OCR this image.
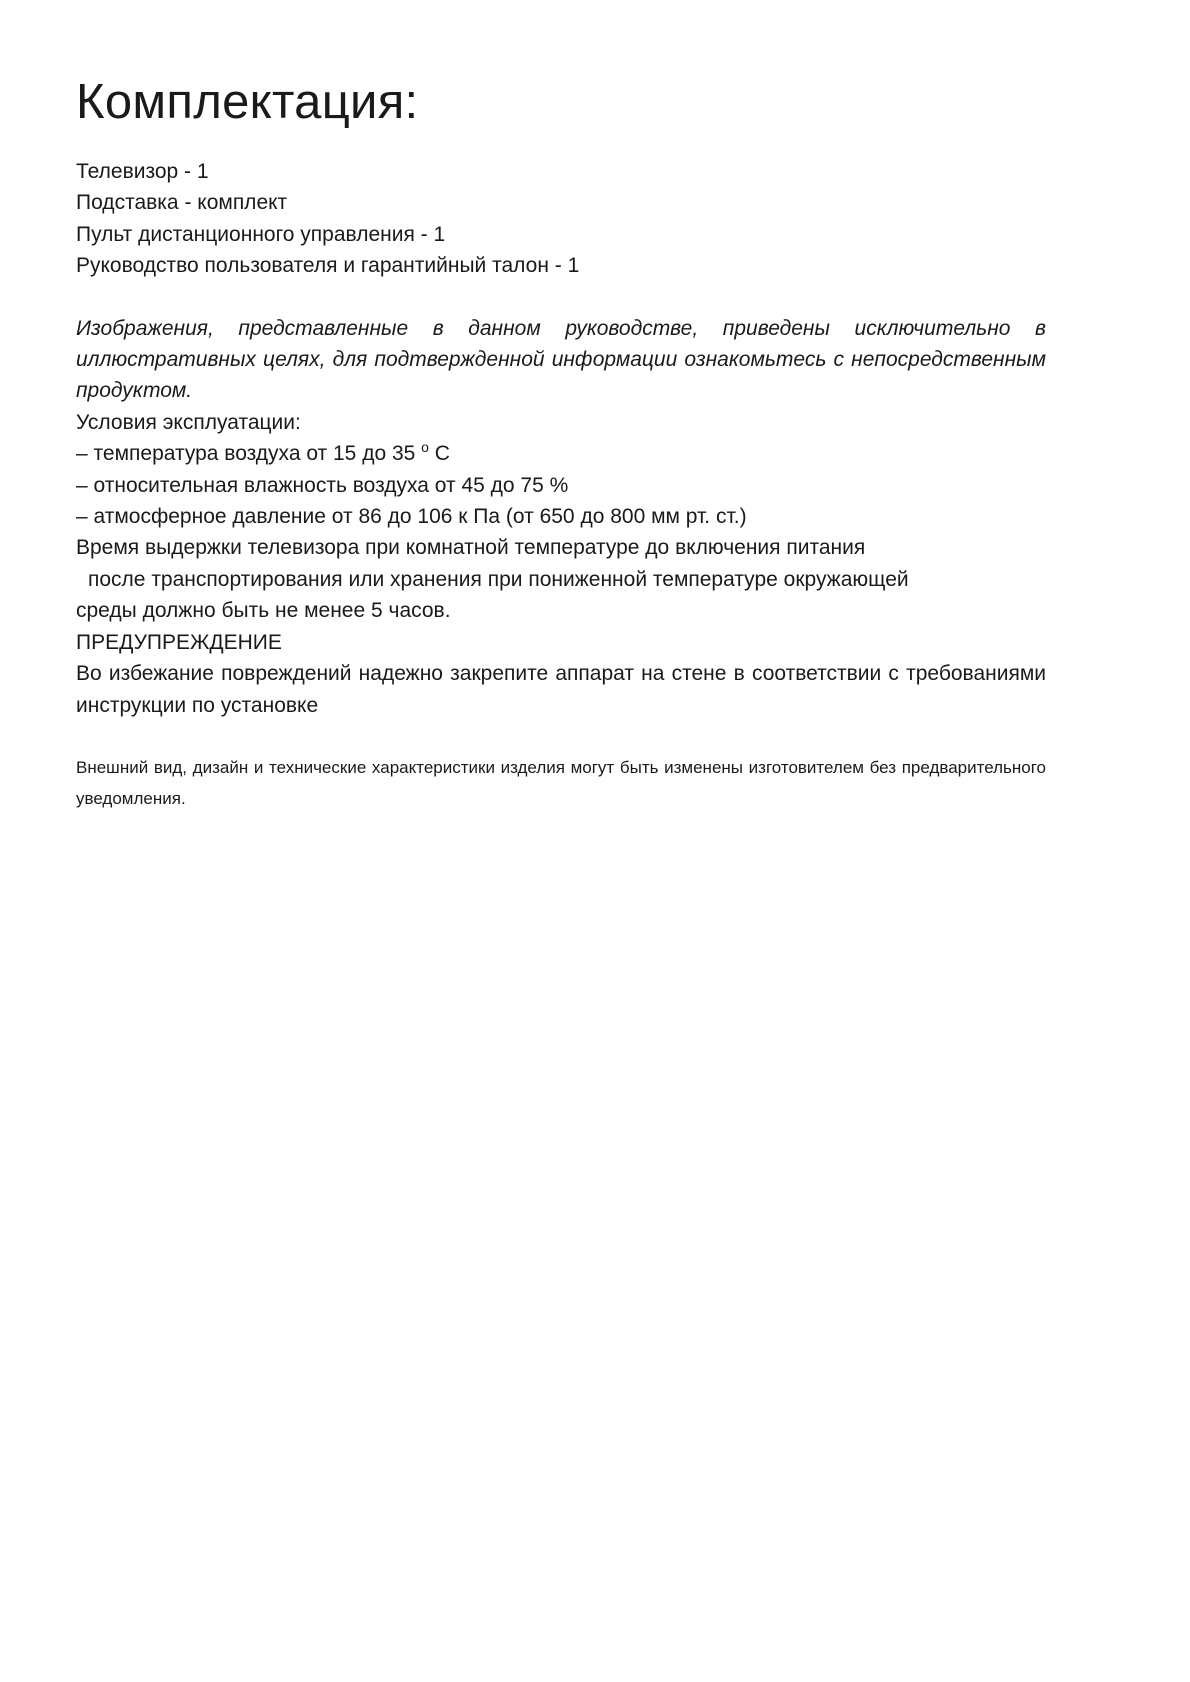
Комплектация:

Телевизор - 1

Подставка - комплект

Пульт дистанционного управления - 1

Руководство пользователя и гарантийный талон - 1

Изображения, представленные в данном руководстве, приведены исключительно в иллюстративных целях, для подтвержденной информации ознакомьтесь с непосредственным продуктом.

Условия эксплуатации:

– температура воздуха от 15 до 35 $^o$ С

– относительная влажность воздуха от 45 до 75 %

– атмосферное давление от 86 до 106 к Па (от 650 до 800 мм рт. ст.)

Время выдержки телевизора при комнатной температуре до включения питания

после транспортирования или хранения при пониженной температуре окружающей

среды должно быть не менее 5 часов.

ПРЕДУПРЕЖДЕНИЕ

Во избежание повреждений надежно закрепите аппарат на стене в соответствии с требованиями инструкции по установке

Внешний вид, дизайн и технические характеристики изделия могут быть изменены изготовителем без предварительного уведомления.
